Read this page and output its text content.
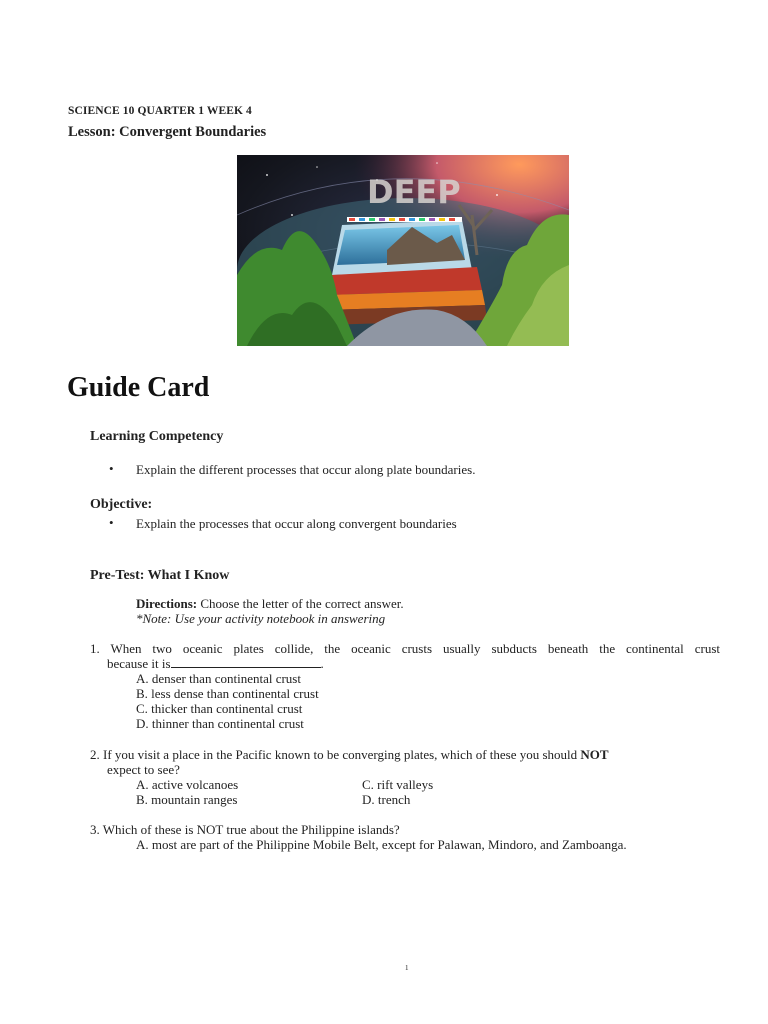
SCIENCE 10 QUARTER 1 WEEK 4
Lesson: Convergent Boundaries
DEEP
Guide Card
Learning Competency
• Explain the different processes that occur along plate boundaries.
Objective:
• Explain the processes that occur along convergent boundaries
Pre-Test: What I Know
Directions: Choose the letter of the correct answer.
*Note: Use your activity notebook in answering
1. When two oceanic plates collide, the oceanic crusts usually subducts beneath the continental crust
because it is	.
A. denser than continental crust
B. less dense than continental crust
C. thicker than continental crust
D. thinner than continental crust
2. If you visit a place in the Pacific known to be converging plates, which of these you should NOT
expect to see?
A. active volcanoes	C. rift valleys
B. mountain ranges	D. trench
3. Which of these is NOT true about the Philippine islands?
A. most are part of the Philippine Mobile Belt, except for Palawan, Mindoro, and Zamboanga.
1
